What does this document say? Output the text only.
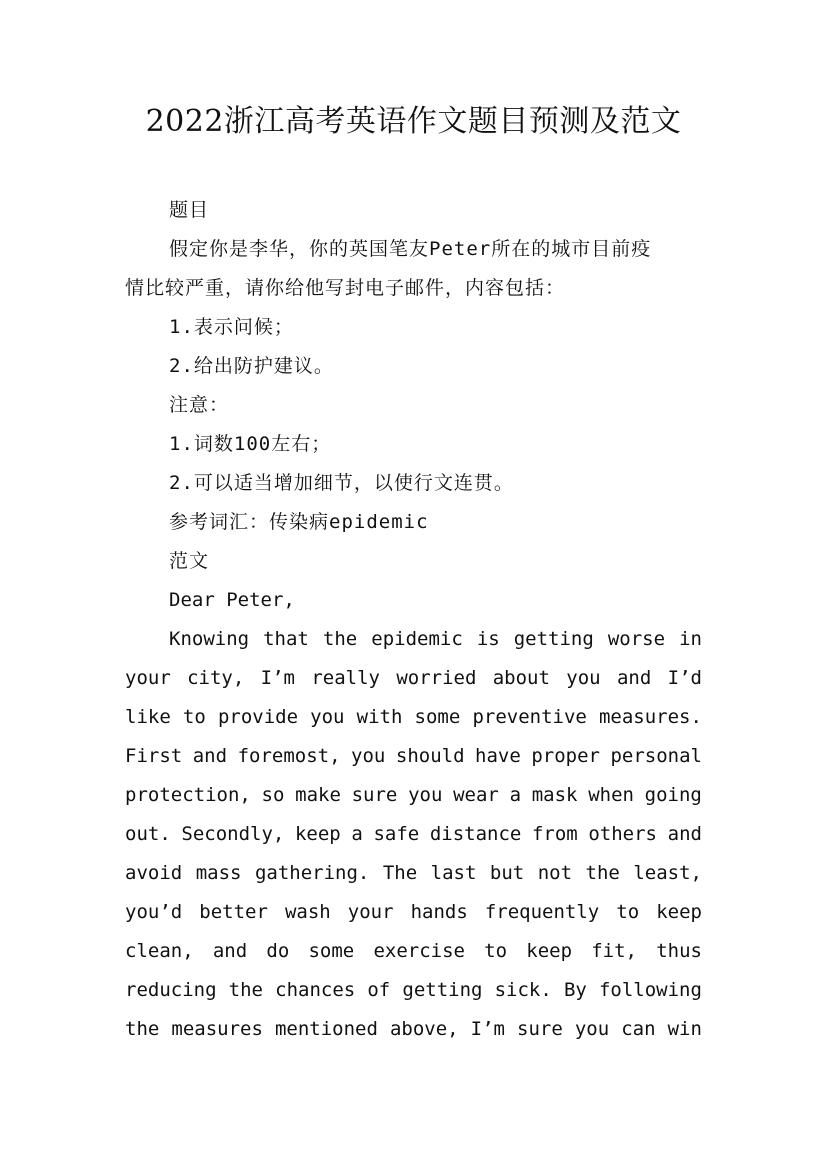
2022浙江高考英语作文题目预测及范文
题目
假定你是李华，你的英国笔友Peter所在的城市目前疫
情比较严重，请你给他写封电子邮件，内容包括：
1.表示问候；
2.给出防护建议。
注意：
1.词数100左右；
2.可以适当增加细节，以使行文连贯。
参考词汇：传染病epidemic
范文
Dear Peter,
Knowing that the epidemic is getting worse in
your city, I’m really worried about you and I’d
like to provide you with some preventive measures.
First and foremost, you should have proper personal
protection, so make sure you wear a mask when going
out. Secondly, keep a safe distance from others and
avoid mass gathering. The last but not the least,
you’d better wash your hands frequently to keep
clean, and do some exercise to keep fit, thus
reducing the chances of getting sick. By following
the measures mentioned above, I’m sure you can win
